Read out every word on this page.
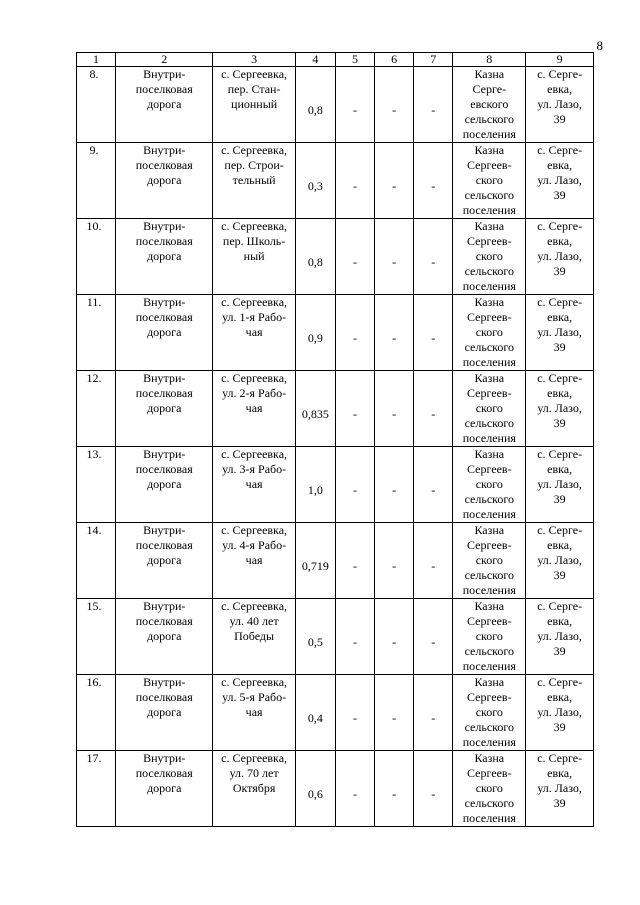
8
1	2	3	4	5	6	7	8	9
8.	Внутри-
поселковая
дорога	с. Сергеевка,
пер. Стан-
ционный	0,8	-	-	-	Казна
Серге-
евского
сельского
поселения	с. Серге-
евка,
ул. Лазо,
39
9.	Внутри-
поселковая
дорога	с. Сергеевка,
пер. Строи-
тельный	0,3	-	-	-	Казна
Сергеев-
ского
сельского
поселения	с. Серге-
евка,
ул. Лазо,
39
10.	Внутри-
поселковая
дорога	с. Сергеевка,
пер. Школь-
ный	0,8	-	-	-	Казна
Сергеев-
ского
сельского
поселения	с. Серге-
евка,
ул. Лазо,
39
11.	Внутри-
поселковая
дорога	с. Сергеевка,
ул. 1-я Рабо-
чая	0,9	-	-	-	Казна
Сергеев-
ского
сельского
поселения	с. Серге-
евка,
ул. Лазо,
39
12.	Внутри-
поселковая
дорога	с. Сергеевка,
ул. 2-я Рабо-
чая	0,835	-	-	-	Казна
Сергеев-
ского
сельского
поселения	с. Серге-
евка,
ул. Лазо,
39
13.	Внутри-
поселковая
дорога	с. Сергеевка,
ул. 3-я Рабо-
чая	1,0	-	-	-	Казна
Сергеев-
ского
сельского
поселения	с. Серге-
евка,
ул. Лазо,
39
14.	Внутри-
поселковая
дорога	с. Сергеевка,
ул. 4-я Рабо-
чая	0,719	-	-	-	Казна
Сергеев-
ского
сельского
поселения	с. Серге-
евка,
ул. Лазо,
39
15.	Внутри-
поселковая
дорога	с. Сергеевка,
ул. 40 лет
Победы	0,5	-	-	-	Казна
Сергеев-
ского
сельского
поселения	с. Серге-
евка,
ул. Лазо,
39
16.	Внутри-
поселковая
дорога	с. Сергеевка,
ул. 5-я Рабо-
чая	0,4	-	-	-	Казна
Сергеев-
ского
сельского
поселения	с. Серге-
евка,
ул. Лазо,
39
17.	Внутри-
поселковая
дорога	с. Сергеевка,
ул. 70 лет
Октября	0,6	-	-	-	Казна
Сергеев-
ского
сельского
поселения	с. Серге-
евка,
ул. Лазо,
39
